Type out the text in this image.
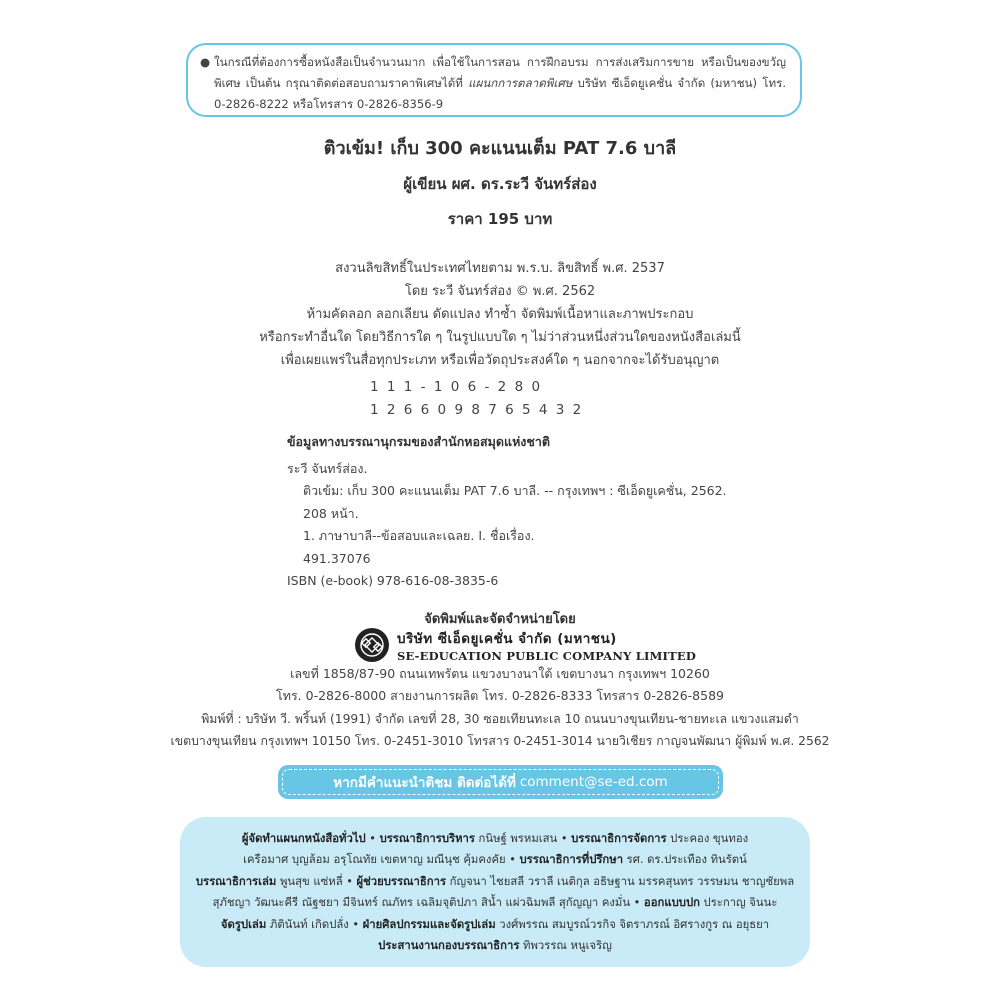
● ในกรณีที่ต้องการซื้อหนังสือเป็นจำนวนมาก เพื่อใช้ในการสอน การฝึกอบรม การส่งเสริมการขาย หรือเป็นของขวัญพิเศษ เป็นต้น กรุณาติดต่อสอบถามราคาพิเศษได้ที่ แผนกการตลาดพิเศษ บริษัท ซีเอ็ดยูเคชั่น จำกัด (มหาชน) โทร. 0-2826-8222 หรือโทรสาร 0-2826-8356-9
ติวเข้ม! เก็บ 300 คะแนนเต็ม PAT 7.6 บาลี
ผู้เขียน ผศ. ดร.ระวี จันทร์ส่อง
ราคา 195 บาท
สงวนลิขสิทธิ์ในประเทศไทยตาม พ.ร.บ. ลิขสิทธิ์ พ.ศ. 2537
โดย ระวี จันทร์ส่อง © พ.ศ. 2562
ห้ามคัดลอก ลอกเลียน ดัดแปลง ทำซ้ำ จัดพิมพ์เนื้อหาและภาพประกอบ
หรือกระทำอื่นใด โดยวิธีการใด ๆ ในรูปแบบใด ๆ ไม่ว่าส่วนหนึ่งส่วนใดของหนังสือเล่มนี้
เพื่อเผยแพร่ในสื่อทุกประเภท หรือเพื่อวัตถุประสงค์ใด ๆ นอกจากจะได้รับอนุญาต
111-106-280
1266098765432
ข้อมูลทางบรรณานุกรมของสำนักหอสมุดแห่งชาติ
ระวี จันทร์ส่อง.
ติวเข้ม: เก็บ 300 คะแนนเต็ม PAT 7.6 บาลี. -- กรุงเทพฯ : ซีเอ็ดยูเคชั่น, 2562.
208 หน้า.
1. ภาษาบาลี--ข้อสอบและเฉลย. I. ชื่อเรื่อง.
491.37076
ISBN (e-book) 978-616-08-3835-6
จัดพิมพ์และจัดจำหน่ายโดย
บริษัท ซีเอ็ดยูเคชั่น จำกัด (มหาชน)
SE-EDUCATION PUBLIC COMPANY LIMITED
เลขที่ 1858/87-90 ถนนเทพรัตน แขวงบางนาใต้ เขตบางนา กรุงเทพฯ 10260
โทร. 0-2826-8000 สายงานการผลิต โทร. 0-2826-8333 โทรสาร 0-2826-8589
พิมพ์ที่ : บริษัท วี. พริ้นท์ (1991) จำกัด เลขที่ 28, 30 ซอยเทียนทะเล 10 ถนนบางขุนเทียน-ชายทะเล แขวงแสมดำ
เขตบางขุนเทียน กรุงเทพฯ 10150 โทร. 0-2451-3010 โทรสาร 0-2451-3014 นายวิเชียร กาญจนพัฒนา ผู้พิมพ์ พ.ศ. 2562
หากมีคำแนะนำติชม ติดต่อได้ที่ comment@se-ed.com
ผู้จัดทำแผนกหนังสือทั่วไป • บรรณาธิการบริหาร กนิษฐ์ พรหมเสน • บรรณาธิการจัดการ ประคอง ขุนทอง
เครือมาศ บุญล้อม อรุโณทัย เขตหาญ มณีนุช คุ้มคงคัย • บรรณาธิการที่ปรึกษา รศ. ดร.ประเทือง ทินรัตน์
บรรณาธิการเล่ม พูนสุข แซ่หลี่ • ผู้ช่วยบรรณาธิการ กัญจนา ไชยสลี วราลี เนติกุล อธิษฐาน มรรคสุนทร วรรษมน ชาญชัยพล
สุภัชญา วัฒนะคีรี ณัฐชยา มีจินทร์ ณภัทร เฉลิมจุติปภา สิน้ำ แผ่วฉิมพลี สุกัญญา คงมั่น • ออกแบบปก ประกาญ จินนะ
จัดรูปเล่ม ภิตินันท์ เกิดปลั่ง • ฝ่ายศิลปกรรมและจัดรูปเล่ม วงศ์พรรณ สมบูรณ์วรกิจ จิตราภรณ์ อิศรางกูร ณ อยุธยา
ประสานงานกองบรรณาธิการ ทิพวรรณ หนูเจริญ
